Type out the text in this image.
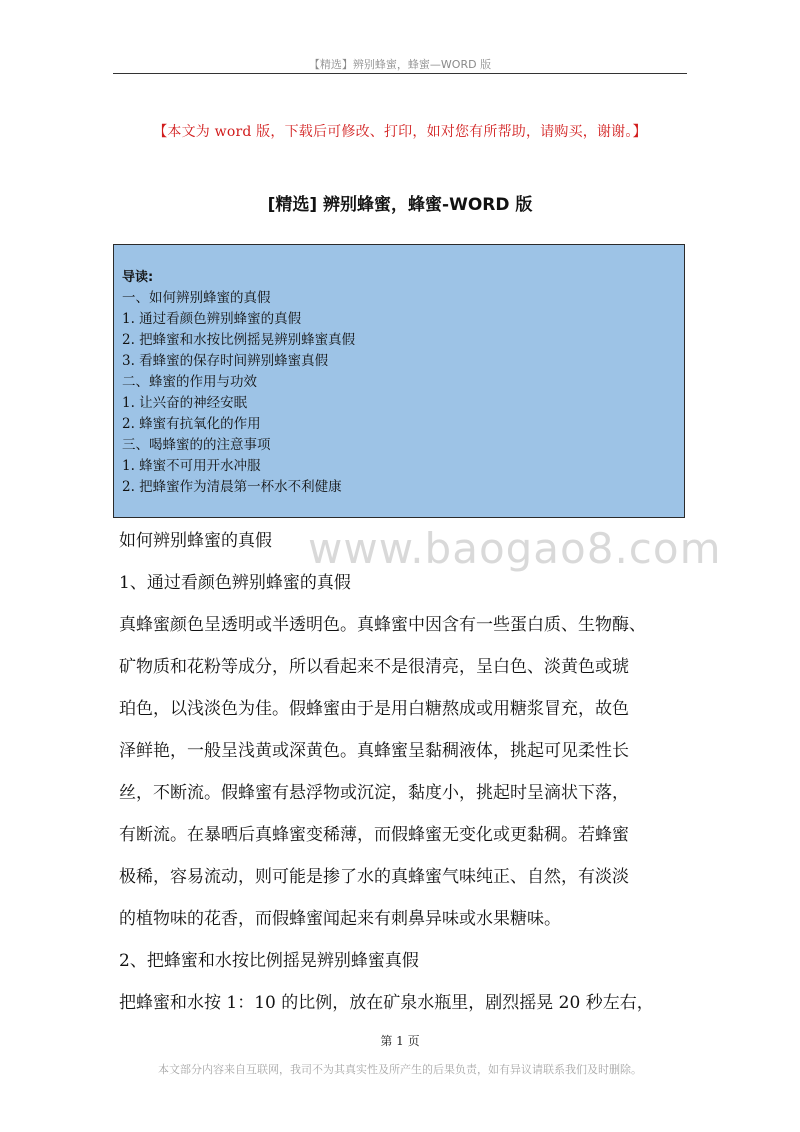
【精选】辨别蜂蜜，蜂蜜—WORD 版
【本文为 word 版，下载后可修改、打印，如对您有所帮助，请购买，谢谢。】
[精选] 辨别蜂蜜，蜂蜜-WORD 版

导读:

一、如何辨别蜂蜜的真假

1. 通过看颜色辨别蜂蜜的真假

2. 把蜂蜜和水按比例摇晃辨别蜂蜜真假

3. 看蜂蜜的保存时间辨别蜂蜜真假

二、蜂蜜的作用与功效

1. 让兴奋的神经安眠

2. 蜂蜜有抗氧化的作用

三、喝蜂蜜的的注意事项

1. 蜂蜜不可用开水冲服

2. 把蜂蜜作为清晨第一杯水不利健康

www.baogao8.com

如何辨别蜂蜜的真假

1、通过看颜色辨别蜂蜜的真假

真蜂蜜颜色呈透明或半透明色。真蜂蜜中因含有一些蛋白质、生物酶、

矿物质和花粉等成分，所以看起来不是很清亮，呈白色、淡黄色或琥

珀色，以浅淡色为佳。假蜂蜜由于是用白糖熬成或用糖浆冒充，故色

泽鲜艳，一般呈浅黄或深黄色。真蜂蜜呈黏稠液体，挑起可见柔性长

丝，不断流。假蜂蜜有悬浮物或沉淀，黏度小，挑起时呈滴状下落，

有断流。在暴晒后真蜂蜜变稀薄，而假蜂蜜无变化或更黏稠。若蜂蜜

极稀，容易流动，则可能是掺了水的真蜂蜜气味纯正、自然，有淡淡

的植物味的花香，而假蜂蜜闻起来有刺鼻异味或水果糖味。

2、把蜂蜜和水按比例摇晃辨别蜂蜜真假

把蜂蜜和水按 1：10 的比例，放在矿泉水瓶里，剧烈摇晃 20 秒左右，

第 1 页
本文部分内容来自互联网，我司不为其真实性及所产生的后果负责，如有异议请联系我们及时删除。
